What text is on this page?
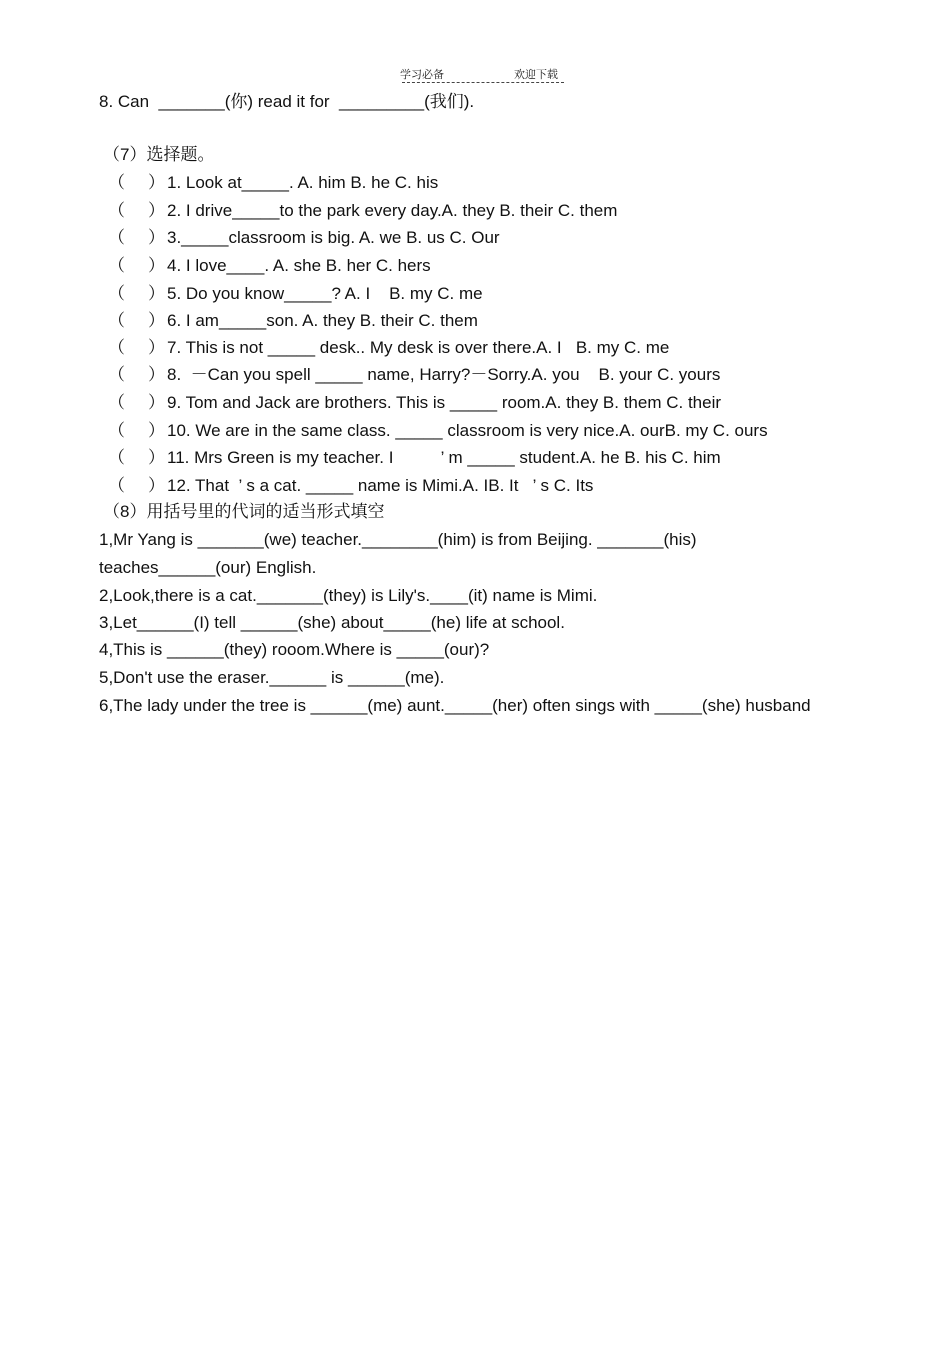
学习必备	欢迎下载
8. Can  _______(你) read it for  _________(我们).
（7）选择题。
（ ） 1. Look at_____. A. him B. he C. his
（ ） 2. I drive_____to the park every day.A. they B. their C. them
（ ） 3._____classroom is big. A. we B. us C. Our
（ ） 4. I love____. A. she B. her C. hers
（ ） 5. Do you know_____? A. I    B. my C. me
（ ） 6. I am_____son. A. they B. their C. them
（ ） 7. This is not _____ desk.. My desk is over there.A. I   B. my C. me
（ ） 8.  －Can you spell _____ name, Harry?－Sorry.A. you    B. your C. yours
（ ） 9. Tom and Jack are brothers. This is _____ room.A. they B. them C. their
（ ） 10. We are in the same class. _____ classroom is very nice.A. ourB. my C. ours
（ ） 11. Mrs Green is my teacher. I          ’ m _____ student.A. he B. his C. him
（ ） 12. That  ’ s a cat. _____ name is Mimi.A. IB. It   ’ s C. Its
（8）用括号里的代词的适当形式填空
1,Mr Yang is _______(we) teacher.________(him) is from Beijing. _______(his)
teaches______(our) English.
2,Look,there is a cat._______(they) is Lily's.____(it) name is Mimi.
3,Let______(I) tell ______(she) about_____(he) life at school.
4,This is ______(they) rooom.Where is _____(our)?
5,Don't use the eraser.______ is ______(me).
6,The lady under the tree is ______(me) aunt._____(her) often sings with _____(she) husband
